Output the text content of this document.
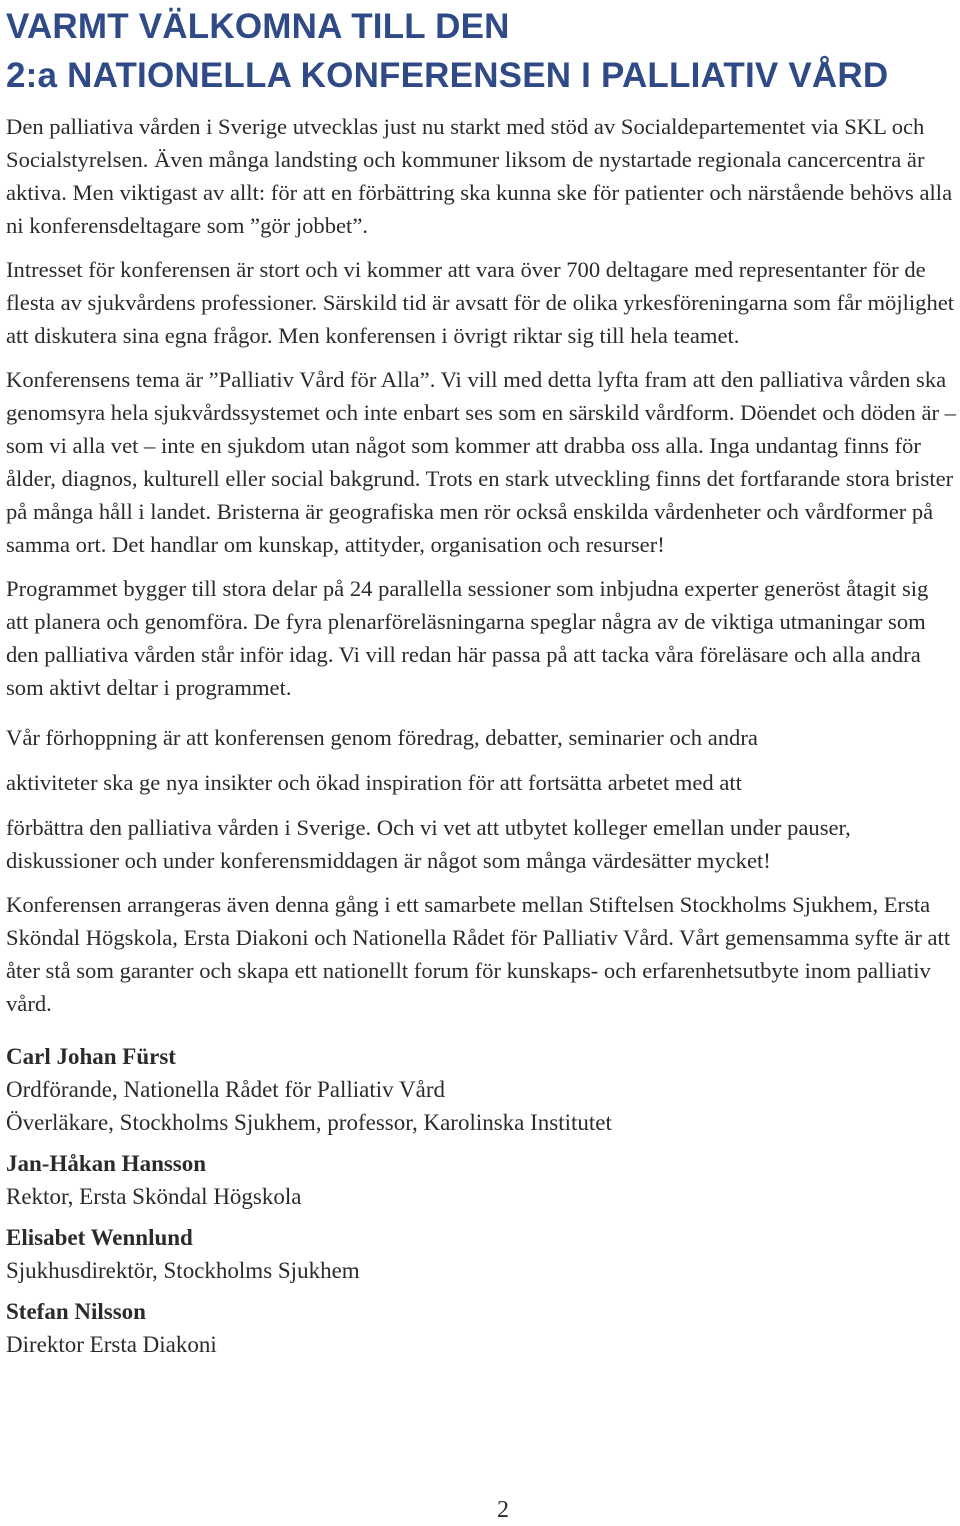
VARMT VÄLKOMNA TILL DEN
2:a NATIONELLA KONFERENSEN I PALLIATIV VÅRD

Den palliativa vården i Sverige utvecklas just nu starkt med stöd av Socialdepartementet via SKL och Socialstyrelsen. Även många landsting och kommuner liksom de nystartade regionala cancercentra är aktiva. Men viktigast av allt: för att en förbättring ska kunna ske för patienter och närstående behövs alla ni konferensdeltagare som ”gör jobbet”.

Intresset för konferensen är stort och vi kommer att vara över 700 deltagare med representanter för de flesta av sjukvårdens professioner. Särskild tid är avsatt för de olika yrkesföreningarna som får möjlighet att diskutera sina egna frågor. Men konferensen i övrigt riktar sig till hela teamet.

Konferensens tema är ”Palliativ Vård för Alla”. Vi vill med detta lyfta fram att den palliativa vården ska genomsyra hela sjukvårdssystemet och inte enbart ses som en särskild vårdform. Döendet och döden är – som vi alla vet – inte en sjukdom utan något som kommer att drabba oss alla. Inga undantag finns för ålder, diagnos, kulturell eller social bakgrund. Trots en stark utveckling finns det fortfarande stora brister på många håll i landet. Bristerna är geografiska men rör också enskilda vårdenheter och vårdformer på samma ort. Det handlar om kunskap, attityder, organisation och resurser!

Programmet bygger till stora delar på 24 parallella sessioner som inbjudna experter generöst åtagit sig att planera och genomföra. De fyra plenarföreläsningarna speglar några av de viktiga utmaningar som den palliativa vården står inför idag. Vi vill redan här passa på att tacka våra föreläsare och alla andra som aktivt deltar i programmet.

Vår förhoppning är att konferensen genom föredrag, debatter, seminarier och andra
aktiviteter ska ge nya insikter och ökad inspiration för att fortsätta arbetet med att

förbättra den palliativa vården i Sverige. Och vi vet att utbytet kolleger emellan under pauser, diskussioner och under konferensmiddagen är något som många värdesätter mycket!

Konferensen arrangeras även denna gång i ett samarbete mellan Stiftelsen Stockholms Sjukhem, Ersta Sköndal Högskola, Ersta Diakoni och Nationella Rådet för Palliativ Vård. Vårt gemensamma syfte är att åter stå som garanter och skapa ett nationellt forum för kunskaps- och erfarenhetsutbyte inom palliativ vård.

Carl Johan Fürst
Ordförande, Nationella Rådet för Palliativ Vård
Överläkare, Stockholms Sjukhem, professor, Karolinska Institutet
Jan-Håkan Hansson
Rektor, Ersta Sköndal Högskola
Elisabet Wennlund
Sjukhusdirektör, Stockholms Sjukhem
Stefan Nilsson
Direktor Ersta Diakoni
2
